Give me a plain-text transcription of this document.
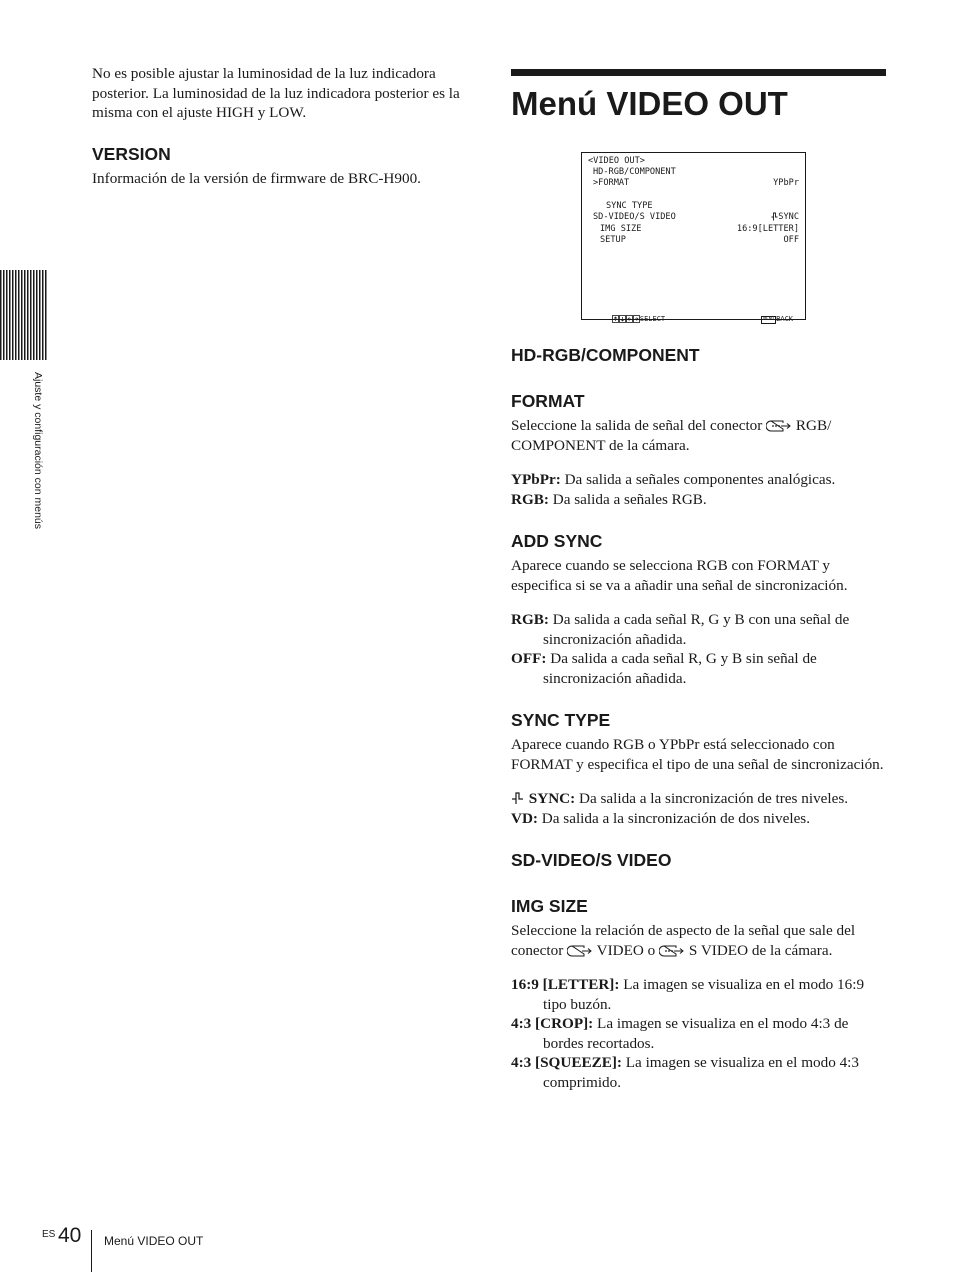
No es posible ajustar la luminosidad de la luz indicadora posterior. La luminosidad de la luz indicadora posterior es la misma con el ajuste HIGH y LOW.

VERSION

Información de la versión de firmware de BRC-H900.

Ajuste y configuración con menús
Menú VIDEO OUT
<VIDEO OUT>
HD-RGB/COMPONENT
>FORMAT	YPbPr
SYNC TYPE

SYNC

SD-VIDEO/S VIDEO
IMG SIZE	16:9[LETTER]
SETUP	OFF

SELECT
	MENU BACK

HD-RGB/COMPONENT
FORMAT

Seleccione la salida de señal del conector RGB/ COMPONENT de la cámara.

YPbPr: Da salida a señales componentes analógicas.

RGB: Da salida a señales RGB.

ADD SYNC

Aparece cuando se selecciona RGB con FORMAT y especifica si se va a añadir una señal de sincronización.

RGB: Da salida a cada señal R, G y B con una señal de sincronización añadida.

OFF: Da salida a cada señal R, G y B sin señal de sincronización añadida.

SYNC TYPE

Aparece cuando RGB o YPbPr está seleccionado con FORMAT y especifica el tipo de una señal de sincronización.

SYNC: Da salida a la sincronización de tres niveles.

VD: Da salida a la sincronización de dos niveles.

SD-VIDEO/S VIDEO
IMG SIZE

Seleccione la relación de aspecto de la señal que sale del conector VIDEO o S VIDEO de la cámara.

16:9 [LETTER]: La imagen se visualiza en el modo 16:9 tipo buzón.

4:3 [CROP]: La imagen se visualiza en el modo 4:3 de bordes recortados.

4:3 [SQUEEZE]: La imagen se visualiza en el modo 4:3 comprimido.

ES 40 Menú VIDEO OUT
